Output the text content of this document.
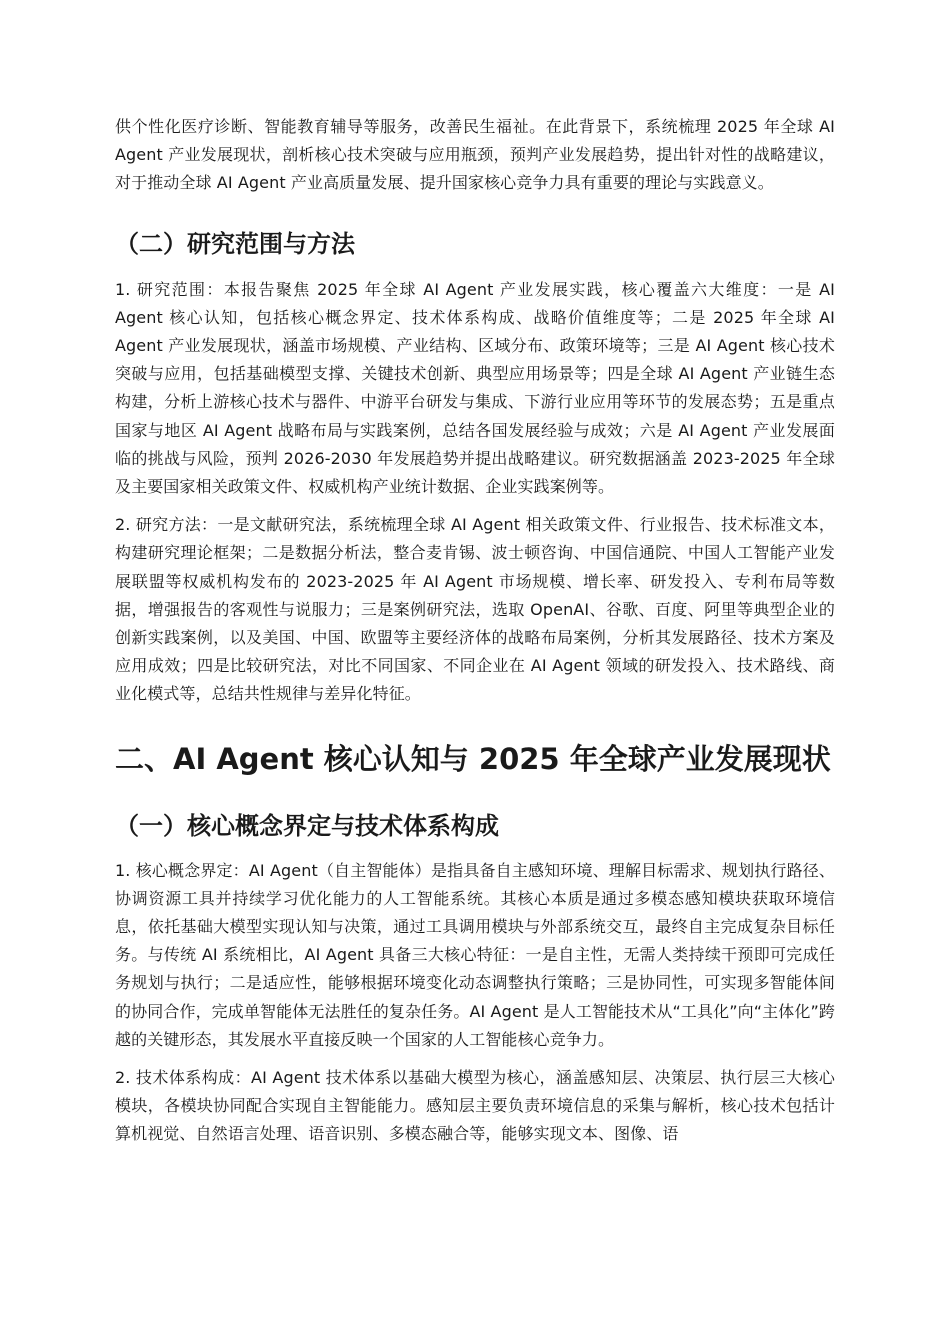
供个性化医疗诊断、智能教育辅导等服务，改善民生福祉。在此背景下，系统梳理 2025 年全球 AI Agent 产业发展现状，剖析核心技术突破与应用瓶颈，预判产业发展趋势，提出针对性的战略建议，对于推动全球 AI Agent 产业高质量发展、提升国家核心竞争力具有重要的理论与实践意义。

（二）研究范围与方法

1. 研究范围：本报告聚焦 2025 年全球 AI Agent 产业发展实践，核心覆盖六大维度：一是 AI Agent 核心认知，包括核心概念界定、技术体系构成、战略价值维度等；二是 2025 年全球 AI Agent 产业发展现状，涵盖市场规模、产业结构、区域分布、政策环境等；三是 AI Agent 核心技术突破与应用，包括基础模型支撑、关键技术创新、典型应用场景等；四是全球 AI Agent 产业链生态构建，分析上游核心技术与器件、中游平台研发与集成、下游行业应用等环节的发展态势；五是重点国家与地区 AI Agent 战略布局与实践案例，总结各国发展经验与成效；六是 AI Agent 产业发展面临的挑战与风险，预判 2026-2030 年发展趋势并提出战略建议。研究数据涵盖 2023-2025 年全球及主要国家相关政策文件、权威机构产业统计数据、企业实践案例等。

2. 研究方法：一是文献研究法，系统梳理全球 AI Agent 相关政策文件、行业报告、技术标准文本，构建研究理论框架；二是数据分析法，整合麦肯锡、波士顿咨询、中国信通院、中国人工智能产业发展联盟等权威机构发布的 2023-2025 年 AI Agent 市场规模、增长率、研发投入、专利布局等数据，增强报告的客观性与说服力；三是案例研究法，选取 OpenAI、谷歌、百度、阿里等典型企业的创新实践案例，以及美国、中国、欧盟等主要经济体的战略布局案例，分析其发展路径、技术方案及应用成效；四是比较研究法，对比不同国家、不同企业在 AI Agent 领域的研发投入、技术路线、商业化模式等，总结共性规律与差异化特征。

二、AI Agent 核心认知与 2025 年全球产业发展现状
（一）核心概念界定与技术体系构成

1. 核心概念界定：AI Agent（自主智能体）是指具备自主感知环境、理解目标需求、规划执行路径、协调资源工具并持续学习优化能力的人工智能系统。其核心本质是通过多模态感知模块获取环境信息，依托基础大模型实现认知与决策，通过工具调用模块与外部系统交互，最终自主完成复杂目标任务。与传统 AI 系统相比，AI Agent 具备三大核心特征：一是自主性，无需人类持续干预即可完成任务规划与执行；二是适应性，能够根据环境变化动态调整执行策略；三是协同性，可实现多智能体间的协同合作，完成单智能体无法胜任的复杂任务。AI Agent 是人工智能技术从“工具化”向“主体化”跨越的关键形态，其发展水平直接反映一个国家的人工智能核心竞争力。

2. 技术体系构成：AI Agent 技术体系以基础大模型为核心，涵盖感知层、决策层、执行层三大核心模块，各模块协同配合实现自主智能能力。感知层主要负责环境信息的采集与解析，核心技术包括计算机视觉、自然语言处理、语音识别、多模态融合等，能够实现文本、图像、语
